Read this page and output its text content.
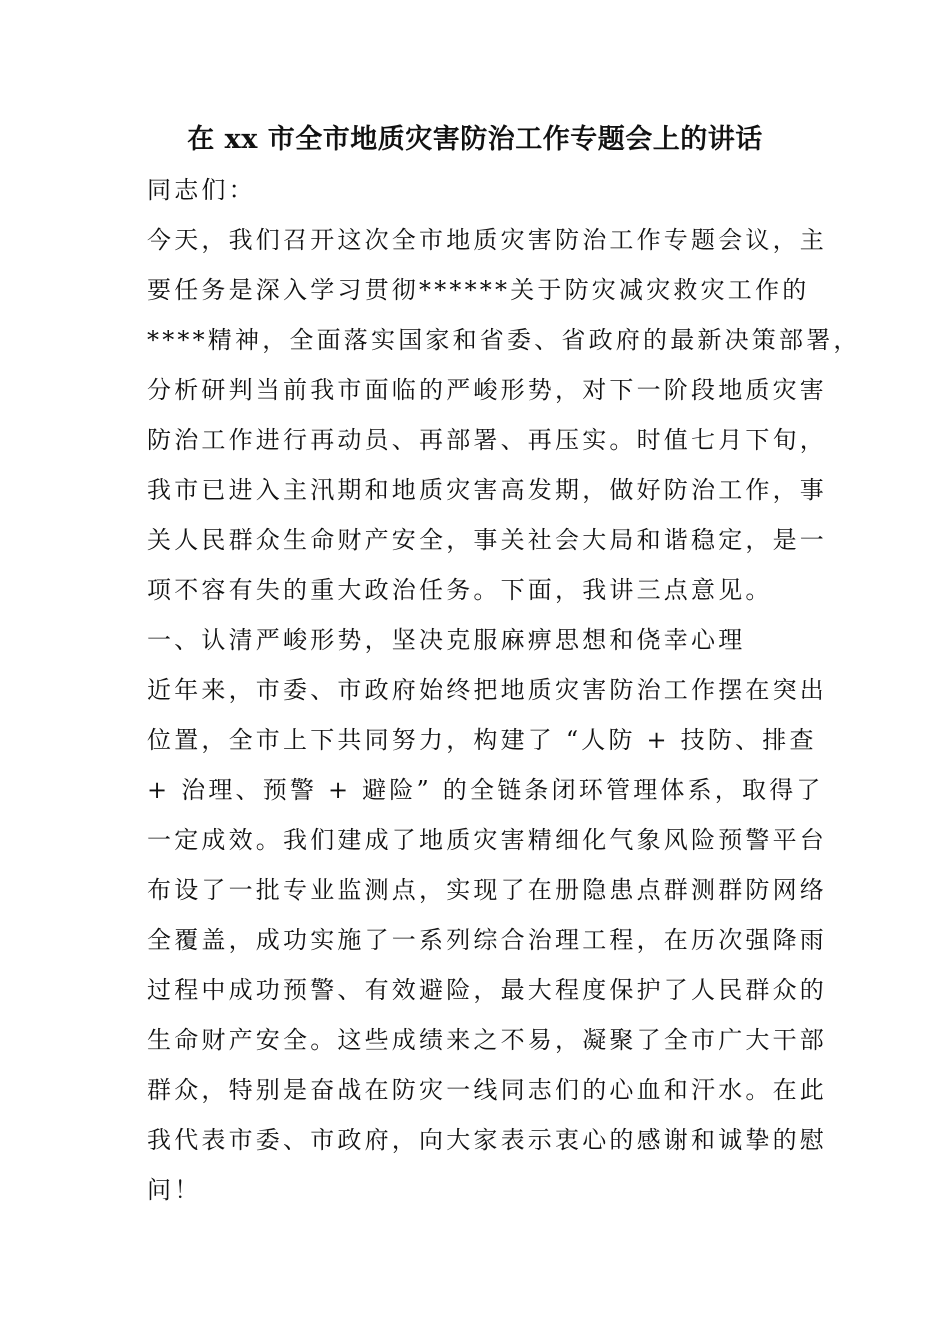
在 xx 市全市地质灾害防治工作专题会上的讲话
同志们：
今天，我们召开这次全市地质灾害防治工作专题会议，主
要任务是深入学习贯彻******关于防灾减灾救灾工作的
****精神，全面落实国家和省委、省政府的最新决策部署，
分析研判当前我市面临的严峻形势，对下一阶段地质灾害
防治工作进行再动员、再部署、再压实。时值七月下旬，
我市已进入主汛期和地质灾害高发期，做好防治工作，事
关人民群众生命财产安全，事关社会大局和谐稳定，是一
项不容有失的重大政治任务。下面，我讲三点意见。
一、认清严峻形势，坚决克服麻痹思想和侥幸心理
近年来，市委、市政府始终把地质灾害防治工作摆在突出
位置，全市上下共同努力，构建了 “人防 + 技防、排查
+ 治理、预警 + 避险” 的全链条闭环管理体系，取得了
一定成效。我们建成了地质灾害精细化气象风险预警平台
布设了一批专业监测点，实现了在册隐患点群测群防网络
全覆盖，成功实施了一系列综合治理工程，在历次强降雨
过程中成功预警、有效避险，最大程度保护了人民群众的
生命财产安全。这些成绩来之不易，凝聚了全市广大干部
群众，特别是奋战在防灾一线同志们的心血和汗水。在此
我代表市委、市政府，向大家表示衷心的感谢和诚挚的慰
问！
